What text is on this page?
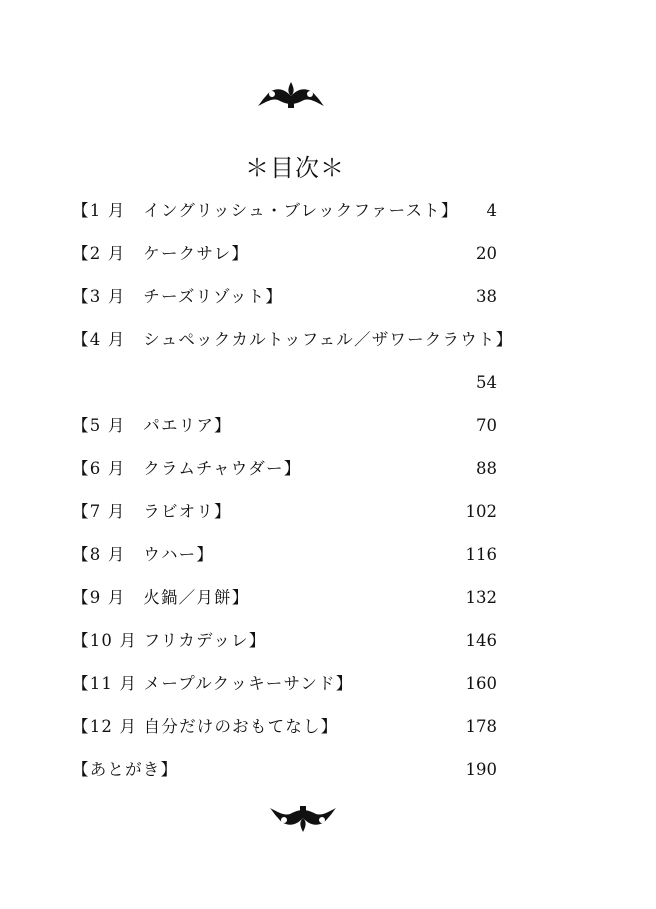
＊目次＊
【1 月　イングリッシュ・ブレックファースト】 4
【2 月　ケークサレ】	20
【3 月　チーズリゾット】	38
【4 月　シュペックカルトッフェル／ザワークラウト】
54
【5 月　パエリア】	70
【6 月　クラムチャウダー】	88
【7 月　ラビオリ】	102
【8 月　ウハー】	116
【9 月　火鍋／月餅】	132
【10 月 フリカデッレ】	146
【11 月 メープルクッキーサンド】	160
【12 月 自分だけのおもてなし】	178
【あとがき】	190
